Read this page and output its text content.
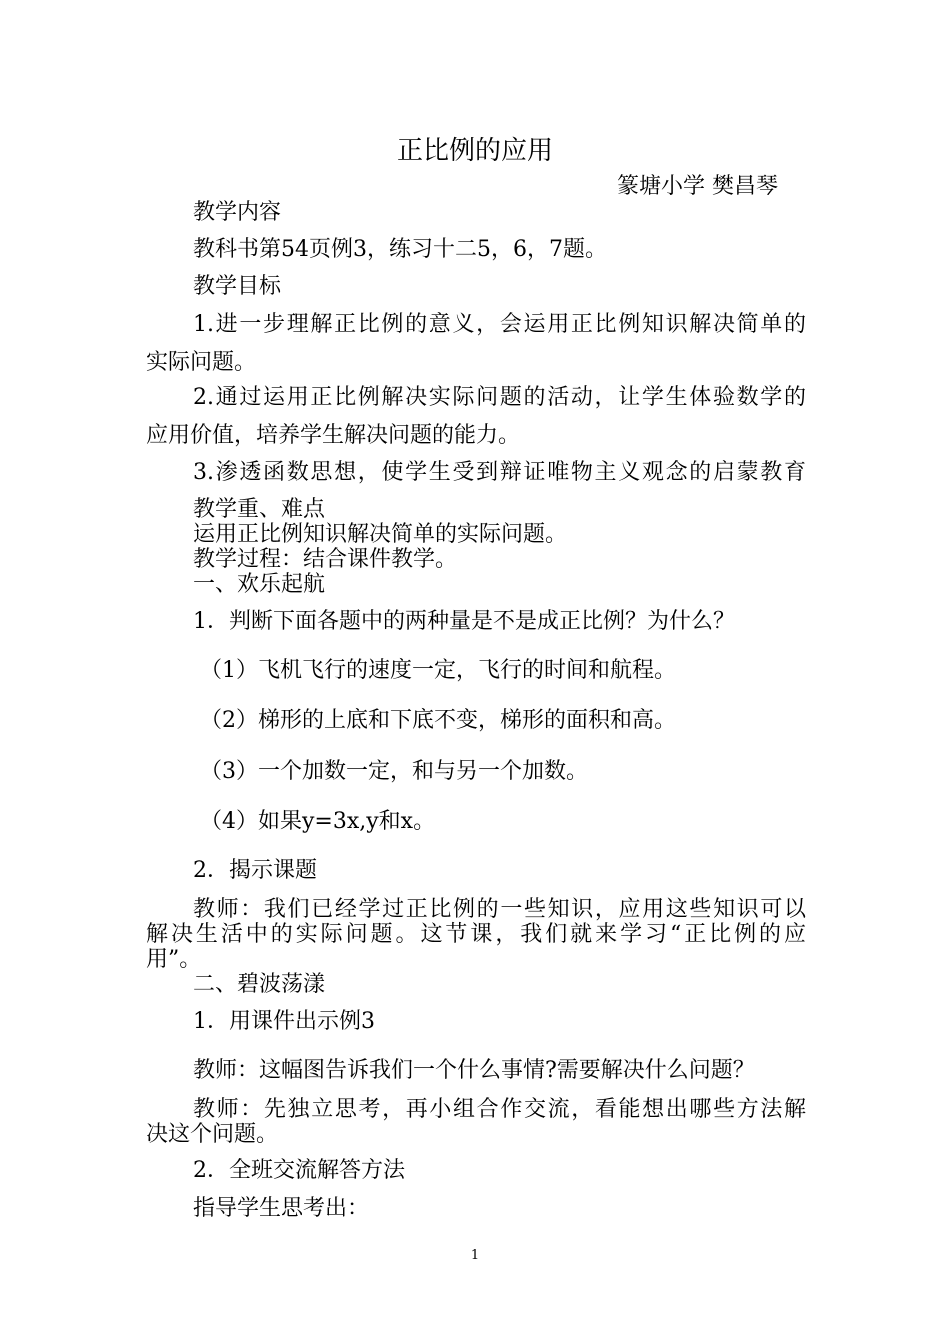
正比例的应用
篆塘小学 樊昌琴
教学内容
教科书第54页例3，练习十二5，6，7题。
教学目标
1.进一步理解正比例的意义，会运用正比例知识解决简单的
实际问题。
2.通过运用正比例解决实际问题的活动，让学生体验数学的
应用价值，培养学生解决问题的能力。
3.渗透函数思想，使学生受到辩证唯物主义观念的启蒙教育
教学重、难点
运用正比例知识解决简单的实际问题。
教学过程：结合课件教学。
一、欢乐起航
1．判断下面各题中的两种量是不是成正比例？为什么？
（1）飞机飞行的速度一定，飞行的时间和航程。
（2）梯形的上底和下底不变，梯形的面积和高。
（3）一个加数一定，和与另一个加数。
（4）如果y=3x,y和x。
2．揭示课题
教师：我们已经学过正比例的一些知识，应用这些知识可以
解决生活中的实际问题。这节课，我们就来学习“正比例的应
用”。
二、碧波荡漾
1．用课件出示例3
教师：这幅图告诉我们一个什么事情?需要解决什么问题？
教师：先独立思考，再小组合作交流，看能想出哪些方法解
决这个问题。
2．全班交流解答方法
指导学生思考出：
1
